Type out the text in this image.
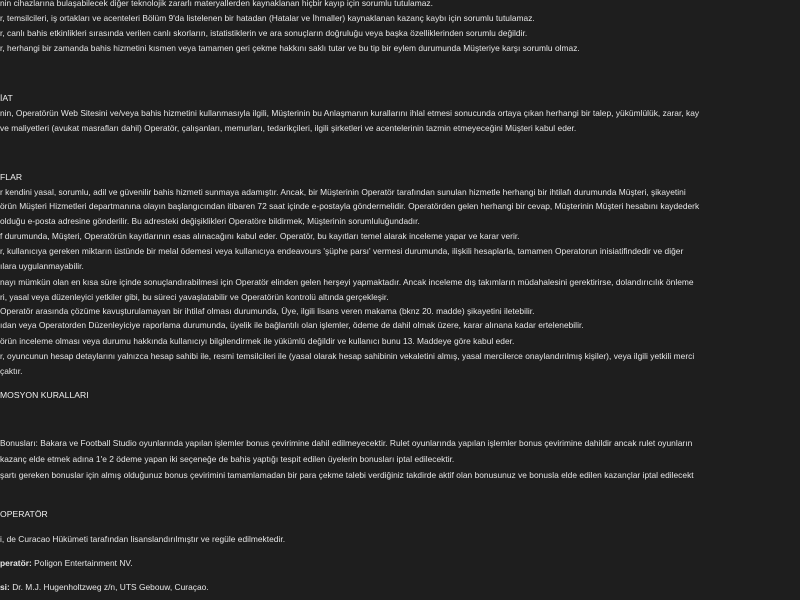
nin cihazlarına bulaşabilecek diğer teknolojik zararlı materyallerden kaynaklanan hiçbir kayıp için sorumlu tutulamaz.
r, temsilcileri, iş ortakları ve acenteleri Bölüm 9'da listelenen bir hatadan (Hatalar ve İhmaller) kaynaklanan kazanç kaybı için sorumlu tutulamaz.
r, canlı bahis etkinlikleri sırasında verilen canlı skorların, istatistiklerin ve ara sonuçların doğruluğu veya başka özelliklerinden sorumlu değildir.
r, herhangi bir zamanda bahis hizmetini kısmen veya tamamen geri çekme hakkını saklı tutar ve bu tip bir eylem durumunda Müşteriye karşı sorumlu olmaz.
İAT
nin, Operatörün Web Sitesini ve/veya bahis hizmetini kullanmasıyla ilgili, Müşterinin bu Anlaşmanın kurallarını ihlal etmesi sonucunda ortaya çıkan herhangi bir talep, yükümlülük, zarar, kay
ve maliyetleri (avukat masrafları dahil) Operatör, çalışanları, memurları, tedarikçileri, ilgili şirketleri ve acentelerinin tazmin etmeyeceğini Müşteri kabul eder.
FLAR
r kendini yasal, sorumlu, adil ve güvenilir bahis hizmeti sunmaya adamıştır. Ancak, bir Müşterinin Operatör tarafından sunulan hizmetle herhangi bir ihtilafı durumunda Müşteri, şikayetini
örün Müşteri Hizmetleri departmanına olayın başlangıcından itibaren 72 saat içinde e-postayla göndermelidir. Operatörden gelen herhangi bir cevap, Müşterinin Müşteri hesabını kaydederk
olduğu e-posta adresine gönderilir. Bu adresteki değişiklikleri Operatöre bildirmek, Müşterinin sorumluluğundadır.
f durumunda, Müşteri, Operatörün kayıtlarının esas alınacağını kabul eder. Operatör, bu kayıtları temel alarak inceleme yapar ve karar verir.
r, kullanıcıya gereken miktarın üstünde bir melal ödemesi veya kullanıcıya endeavours 'şüphe parsı' vermesi durumunda, ilişkili hesaplarla, tamamen Operatorun inisiatifindedir ve diğer
ılara uygulanmayabilir.
nayı mümkün olan en kısa süre içinde sonuçlandırabilmesi için Operatör elinden gelen herşeyi yapmaktadır. Ancak inceleme dış takımların müdahalesini gerektirirse, dolandırıcılık önleme
ri, yasal veya düzenleyici yetkiler gibi, bu süreci yavaşlatabilir ve Operatörün kontrolü altında gerçekleşir.
Operatör arasında çözüme kavuşturulamayan bir ihtilaf olması durumunda, Üye, ilgili lisans veren makama (bknz 20. madde) şikayetini iletebilir.
ıdan veya Operatorden Düzenleyiciye raporlama durumunda, üyelik ile bağlantılı olan işlemler, ödeme de dahil olmak üzere, karar alınana kadar ertelenebilir.
örün inceleme olması veya durumu hakkında kullanıcıyı bilgilendirmek ile yükümlü değildir ve kullanıcı bunu 13. Maddeye göre kabul eder.
r, oyuncunun hesap detaylarını yalnızca hesap sahibi ile, resmi temsilcileri ile (yasal olarak hesap sahibinin vekaletini almış, yasal mercilerce onaylandırılmış kişiler), veya ilgili yetkili merci
çaktır.
MOSYON KURALLARI
Bonusları: Bakara ve Football Studio oyunlarında yapılan işlemler bonus çevirimine dahil edilmeyecektir. Rulet oyunlarında yapılan işlemler bonus çevirimine dahildir ancak rulet oyunların
kazanç elde etmek adına 1'e 2 ödeme yapan iki seçeneğe de bahis yaptığı tespit edilen üyelerin bonusları iptal edilecektir.
şartı gereken bonuslar için almış olduğunuz bonus çevirimini tamamlamadan bir para çekme talebi verdiğiniz takdirde aktif olan bonusunuz ve bonusla elde edilen kazançlar iptal edilecekt
OPERATÖR
i, de Curacao Hükümeti tarafından lisanslandırılmıştır ve regüle edilmektedir.
peratör: Poligon Entertainment NV.
si: Dr. M.J. Hugenholtzweg z/n, UTS Gebouw, Curaçao.
